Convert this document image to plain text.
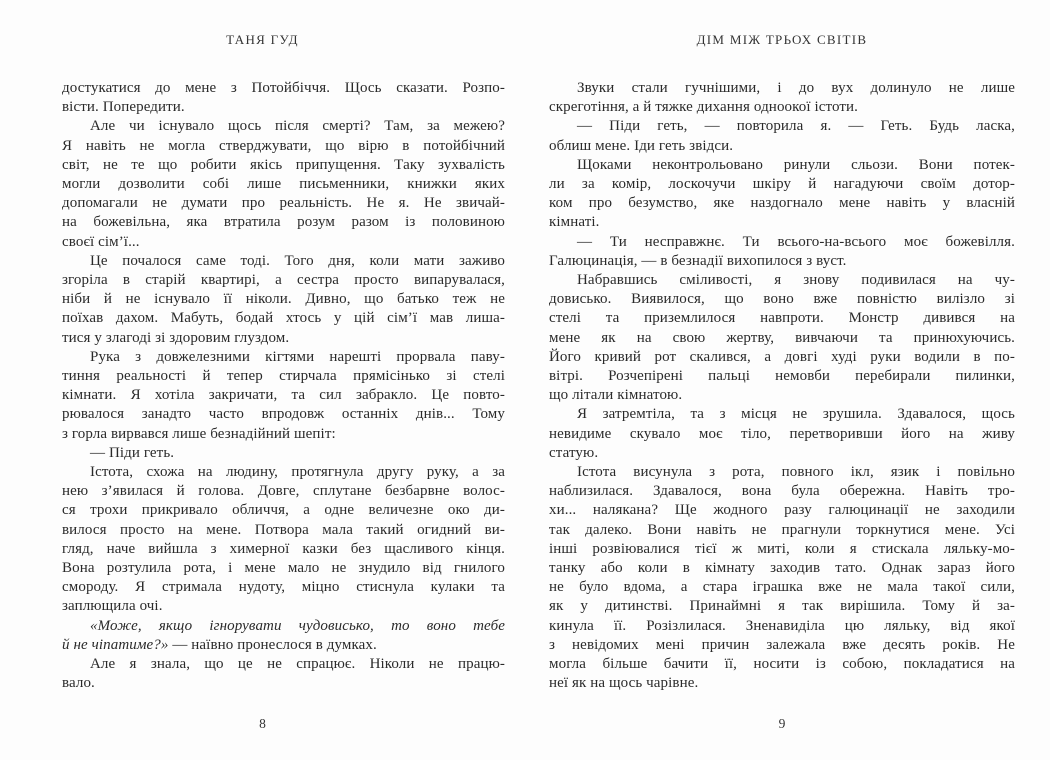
ТАНЯ ГУД
достукатися до мене з Потойбіччя. Щось сказати. Розпо-
вісти. Попередити.
Але чи існувало щось після смерті? Там, за межею?
Я навіть не могла стверджувати, що вірю в потойбічний
світ, не те що робити якісь припущення. Таку зухвалість
могли дозволити собі лише письменники, книжки яких
допомагали не думати про реальність. Не я. Не звичай-
на божевільна, яка втратила розум разом із половиною
своєї сім’ї...
Це почалося саме тоді. Того дня, коли мати заживо
згоріла в старій квартирі, а сестра просто випарувалася,
ніби й не існувало її ніколи. Дивно, що батько теж не
поїхав дахом. Мабуть, бодай хтось у цій сім’ї мав лиша-
тися у злагоді зі здоровим глуздом.
Рука з довжелезними кігтями нарешті прорвала паву-
тиння реальності й тепер стирчала прямісінько зі стелі
кімнати. Я хотіла закричати, та сил забракло. Це повто-
рювалося занадто часто впродовж останніх днів... Тому
з горла вирвався лише безнадійний шепіт:
— Піди геть.
Істота, схожа на людину, протягнула другу руку, а за
нею з’явилася й голова. Довге, сплутане безбарвне волос-
ся трохи прикривало обличчя, а одне величезне око ди-
вилося просто на мене. Потвора мала такий огидний ви-
гляд, наче вийшла з химерної казки без щасливого кінця.
Вона розтулила рота, і мене мало не знудило від гнилого
смороду. Я стримала нудоту, міцно стиснула кулаки та
заплющила очі.
«Може, якщо ігнорувати чудовисько, то воно тебе
й не чіпатиме?» — наївно пронеслося в думках.
Але я знала, що це не спрацює. Ніколи не працю-
вало.
8
ДІМ МІЖ ТРЬОХ СВІТІВ
Звуки стали гучнішими, і до вух долинуло не лише
скреготіння, а й тяжке дихання одноокої істоти.
— Піди геть, — повторила я. — Геть. Будь ласка,
облиш мене. Іди геть звідси.
Щоками неконтрольовано ринули сльози. Вони потек-
ли за комір, лоскочучи шкіру й нагадуючи своїм дотор-
ком про безумство, яке наздогнало мене навіть у власній
кімнаті.
— Ти несправжнє. Ти всього-на-всього моє божевілля.
Галюцинація, — в безнадії вихопилося з вуст.
Набравшись сміливості, я знову подивилася на чу-
довисько. Виявилося, що воно вже повністю вилізло зі
стелі та приземлилося навпроти. Монстр дивився на
мене як на свою жертву, вивчаючи та принюхуючись.
Його кривий рот скалився, а довгі худі руки водили в по-
вітрі. Розчепірені пальці немовби перебирали пилинки,
що літали кімнатою.
Я затремтіла, та з місця не зрушила. Здавалося, щось
невидиме скувало моє тіло, перетворивши його на живу
статую.
Істота висунула з рота, повного ікл, язик і повільно
наблизилася. Здавалося, вона була обережна. Навіть тро-
хи... налякана? Ще жодного разу галюцинації не заходили
так далеко. Вони навіть не прагнули торкнутися мене. Усі
інші розвіювалися тієї ж миті, коли я стискала ляльку-мо-
танку або коли в кімнату заходив тато. Однак зараз його
не було вдома, а стара іграшка вже не мала такої сили,
як у дитинстві. Принаймні я так вирішила. Тому й за-
кинула її. Розізлилася. Зненавиділа цю ляльку, від якої
з невідомих мені причин залежала вже десять років. Не
могла більше бачити її, носити із собою, покладатися на
неї як на щось чарівне.
9
